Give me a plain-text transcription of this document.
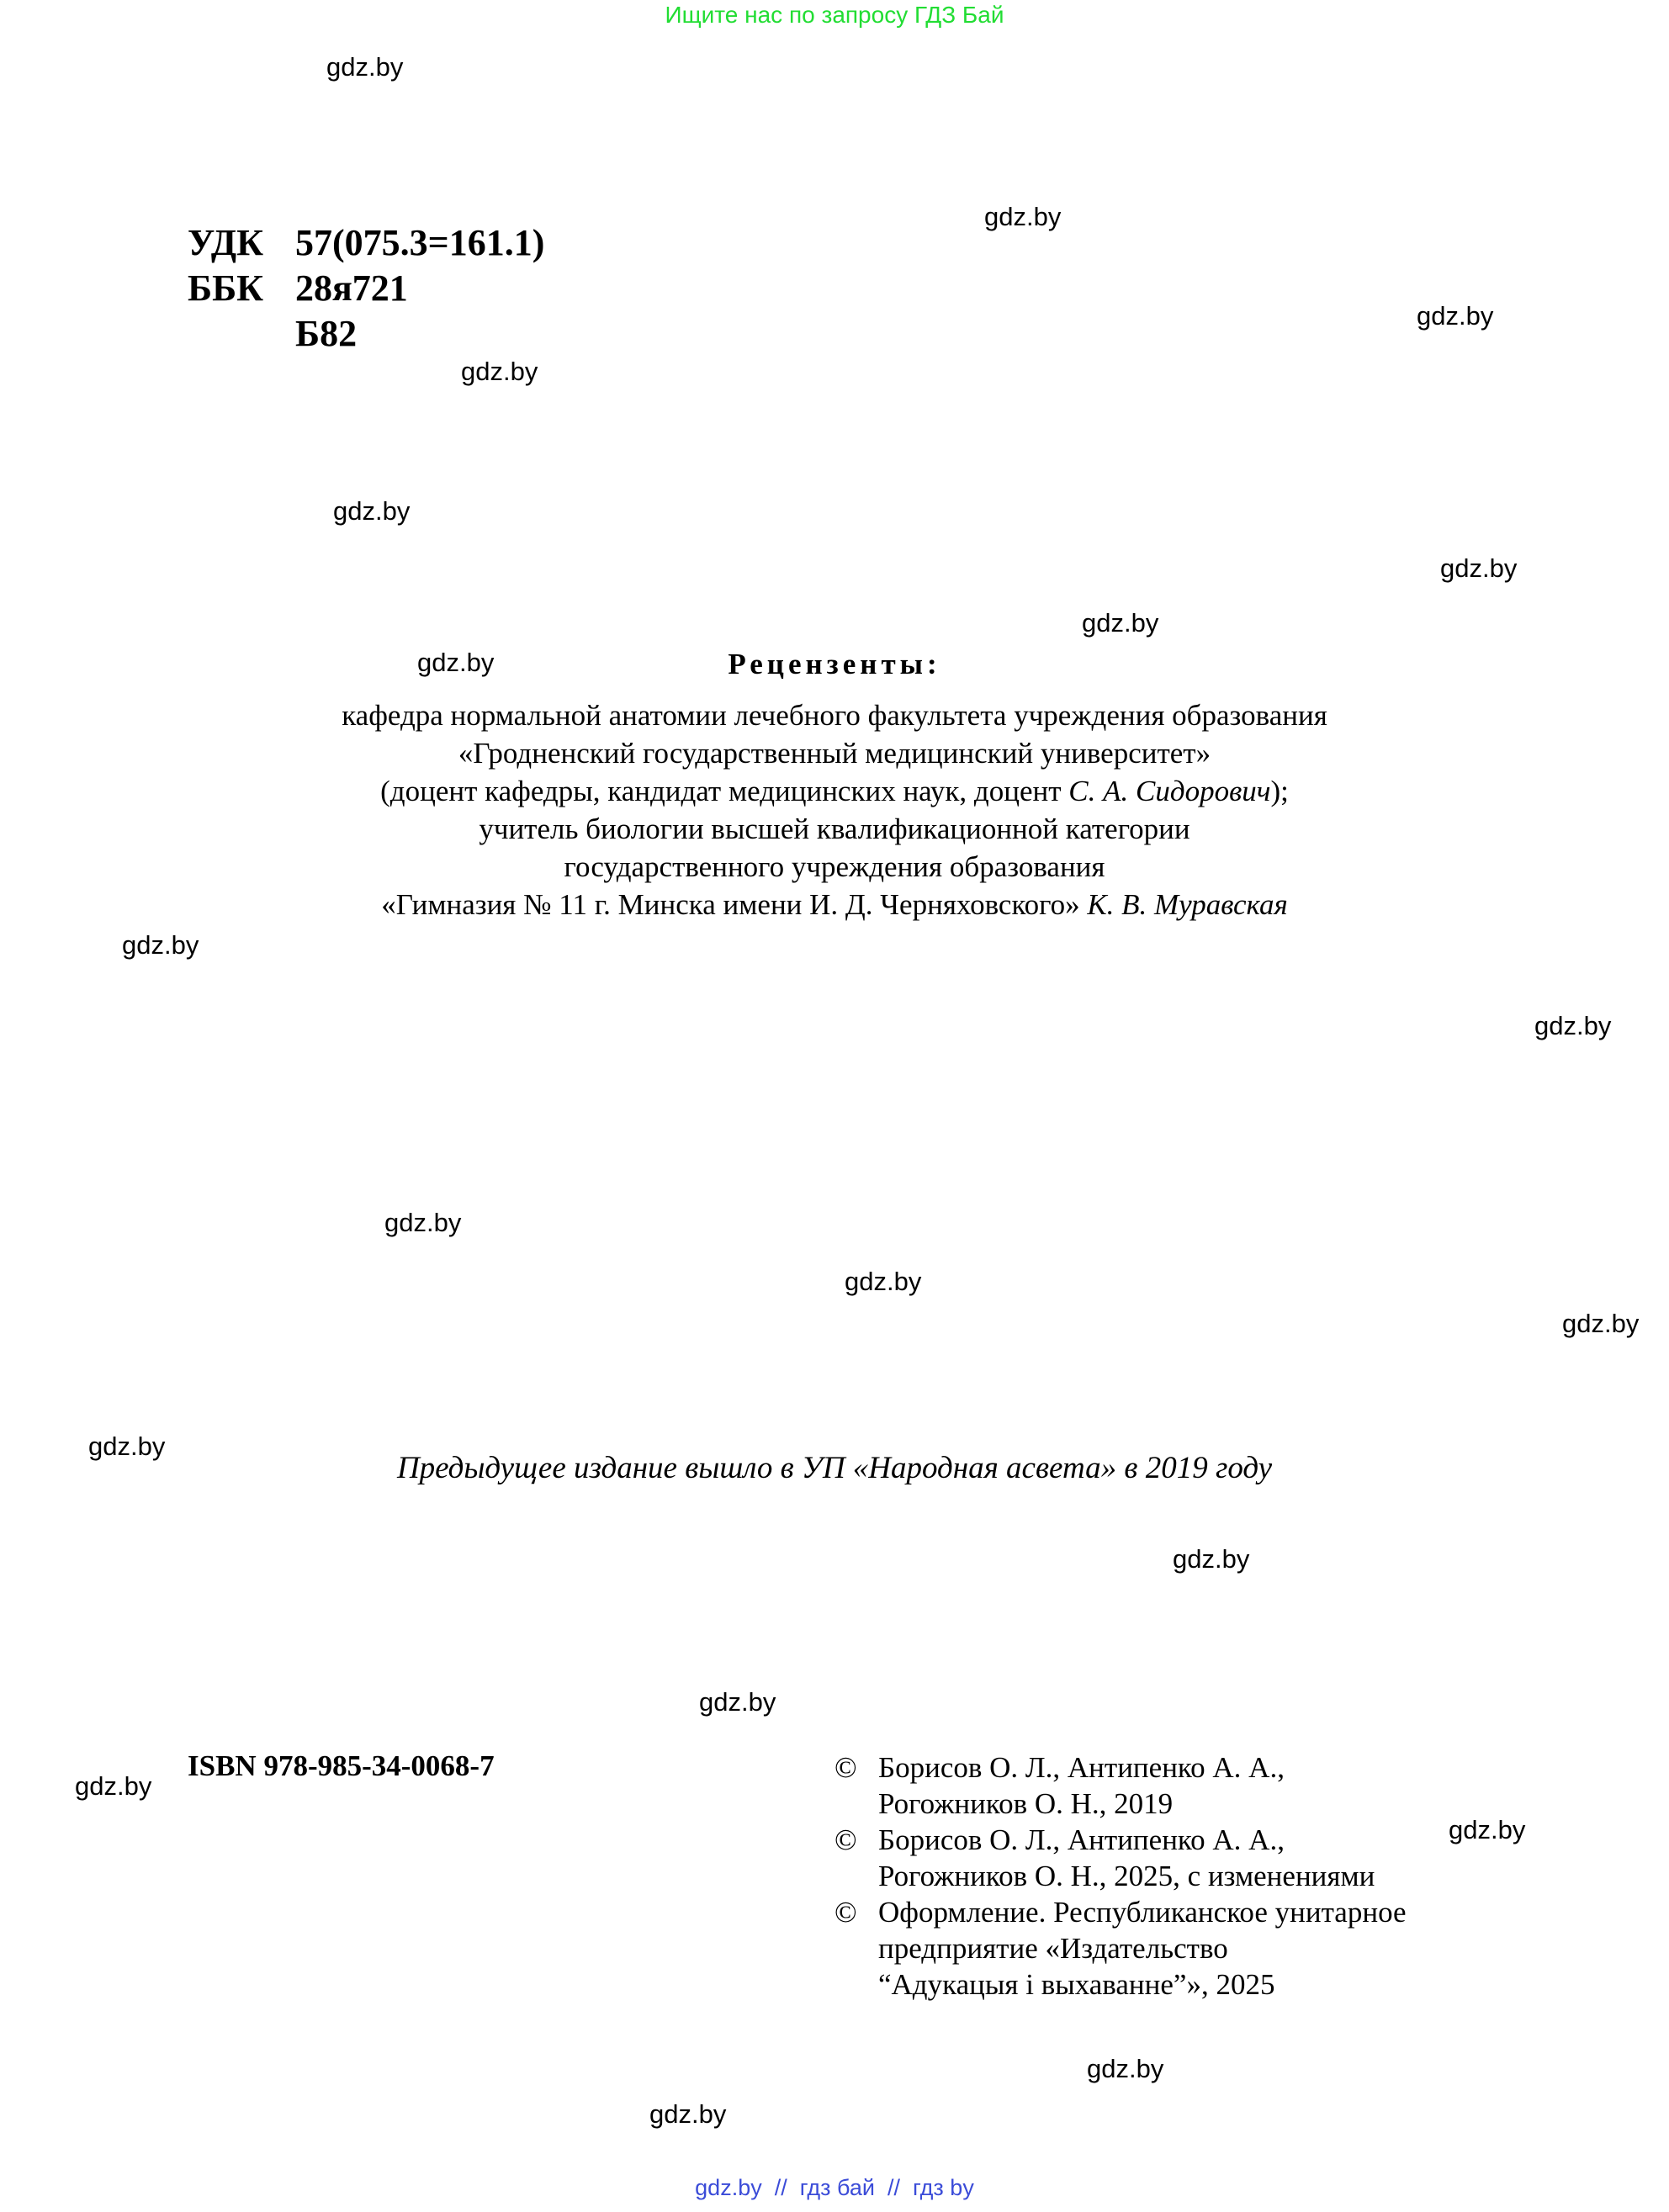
Ищите нас по запросу ГДЗ Бай
gdz.by
gdz.by
gdz.by
gdz.by
gdz.by
gdz.by
gdz.by
gdz.by
gdz.by
gdz.by
gdz.by
gdz.by
gdz.by
gdz.by
gdz.by
gdz.by
gdz.by
gdz.by
gdz.by
gdz.by
УДК 57(075.3=161.1)
ББК 28я721
Б82
Рецензенты:
кафедра нормальной анатомии лечебного факультета учреждения образования
«Гродненский государственный медицинский университет»
(доцент кафедры, кандидат медицинских наук, доцент С. А. Сидорович);
учитель биологии высшей квалификационной категории
государственного учреждения образования
«Гимназия № 11 г. Минска имени И. Д. Черняховского» К. В. Муравская
Предыдущее издание вышло в УП «Народная асвета» в 2019 году
ISBN 978-985-34-0068-7	© Борисов О. Л., Антипенко А. А.,
Рогожников О. Н., 2019
© Борисов О. Л., Антипенко А. А.,
Рогожников О. Н., 2025, с изменениями
© Оформление. Республиканское унитарное
предприятие «Издательство
“Адукацыя і выхаванне”», 2025
gdz.by // гдз бай // гдз by
